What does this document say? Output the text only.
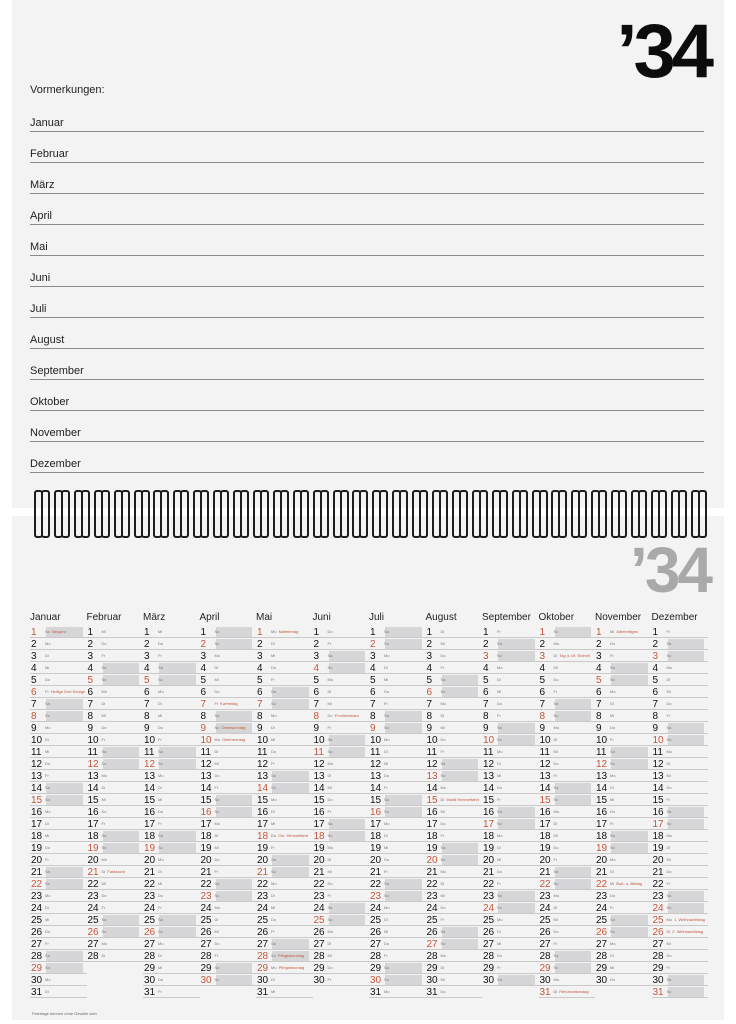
’34
Vormerkungen:
Januar
Februar
März
April
Mai
Juni
Juli
August
September
Oktober
November
Dezember
’34
Januar
1 So Neujahr
2 Mo
3 Di
4 Mi
5 Do
6 Fr Heilige Drei Könige
7 Sa
8 So
9 Mo
10 Di
11 Mi
12 Do
13 Fr
14 Sa
15 So
16 Mo
17 Di
18 Mi
19 Do
20 Fr
21 Sa
22 So
23 Mo
24 Di
25 Mi
26 Do
27 Fr
28 Sa
29 So
30 Mo
31 Di
Februar
1 Mi
2 Do
3 Fr
4 Sa
5 So
6 Mo
7 Di
8 Mi
9 Do
10 Fr
11 Sa
12 So
13 Mo
14 Di
15 Mi
16 Do
17 Fr
18 Sa
19 So
20 Mo
21 Di Fastnacht
22 Mi
23 Do
24 Fr
25 Sa
26 So
27 Mo
28 Di
März
1 Mi
2 Do
3 Fr
4 Sa
5 So
6 Mo
7 Di
8 Mi
9 Do
10 Fr
11 Sa
12 So
13 Mo
14 Di
15 Mi
16 Do
17 Fr
18 Sa
19 So
20 Mo
21 Di
22 Mi
23 Do
24 Fr
25 Sa
26 So
27 Mo
28 Di
29 Mi
30 Do
31 Fr
April
1 Sa
2 So
3 Mo
4 Di
5 Mi
6 Do
7 Fr Karfreitag
8 Sa
9 So Ostersonntag
10 Mo Ostermontag
11 Di
12 Mi
13 Do
14 Fr
15 Sa
16 So
17 Mo
18 Di
19 Mi
20 Do
21 Fr
22 Sa
23 So
24 Mo
25 Di
26 Mi
27 Do
28 Fr
29 Sa
30 So
Mai
1 Mo Maifeiertag
2 Di
3 Mi
4 Do
5 Fr
6 Sa
7 So
8 Mo
9 Di
10 Mi
11 Do
12 Fr
13 Sa
14 So
15 Mo
16 Di
17 Mi
18 Do Chr. Himmelfahrt
19 Fr
20 Sa
21 So
22 Mo
23 Di
24 Mi
25 Do
26 Fr
27 Sa
28 So Pfingstsonntag
29 Mo Pfingstmontag
30 Di
31 Mi
Juni
1 Do
2 Fr
3 Sa
4 So
5 Mo
6 Di
7 Mi
8 Do Fronleichnam
9 Fr
10 Sa
11 So
12 Mo
13 Di
14 Mi
15 Do
16 Fr
17 Sa
18 So
19 Mo
20 Di
21 Mi
22 Do
23 Fr
24 Sa
25 So
26 Mo
27 Di
28 Mi
29 Do
30 Fr
Juli
1 Sa
2 So
3 Mo
4 Di
5 Mi
6 Do
7 Fr
8 Sa
9 So
10 Mo
11 Di
12 Mi
13 Do
14 Fr
15 Sa
16 So
17 Mo
18 Di
19 Mi
20 Do
21 Fr
22 Sa
23 So
24 Mo
25 Di
26 Mi
27 Do
28 Fr
29 Sa
30 So
31 Mo
August
1 Di
2 Mi
3 Do
4 Fr
5 Sa
6 So
7 Mo
8 Di
9 Mi
10 Do
11 Fr
12 Sa
13 So
14 Mo
15 Di Mariä Himmelfahrt
16 Mi
17 Do
18 Fr
19 Sa
20 So
21 Mo
22 Di
23 Mi
24 Do
25 Fr
26 Sa
27 So
28 Mo
29 Di
30 Mi
31 Do
September
1 Fr
2 Sa
3 So
4 Mo
5 Di
6 Mi
7 Do
8 Fr
9 Sa
10 So
11 Mo
12 Di
13 Mi
14 Do
15 Fr
16 Sa
17 So
18 Mo
19 Di
20 Mi
21 Do
22 Fr
23 Sa
24 So
25 Mo
26 Di
27 Mi
28 Do
29 Fr
30 Sa
Oktober
1 So
2 Mo
3 Di Tag d. Dt. Einheit
4 Mi
5 Do
6 Fr
7 Sa
8 So
9 Mo
10 Di
11 Mi
12 Do
13 Fr
14 Sa
15 So
16 Mo
17 Di
18 Mi
19 Do
20 Fr
21 Sa
22 So
23 Mo
24 Di
25 Mi
26 Do
27 Fr
28 Sa
29 So
30 Mo
31 Di Reformationstag
November
1 Mi Allerheiligen
2 Do
3 Fr
4 Sa
5 So
6 Mo
7 Di
8 Mi
9 Do
10 Fr
11 Sa
12 So
13 Mo
14 Di
15 Mi
16 Do
17 Fr
18 Sa
19 So
20 Mo
21 Di
22 Mi Buß- u. Bettag
23 Do
24 Fr
25 Sa
26 So
27 Mo
28 Di
29 Mi
30 Do
Dezember
1 Fr
2 Sa
3 So
4 Mo
5 Di
6 Mi
7 Do
8 Fr
9 Sa
10 So
11 Mo
12 Di
13 Mi
14 Do
15 Fr
16 Sa
17 So
18 Mo
19 Di
20 Mi
21 Do
22 Fr
23 Sa
24 So
25 Mo 1. Weihnachtstag
26 Di 2. Weihnachtstag
27 Mi
28 Do
29 Fr
30 Sa
31 So
Feiertage können ohne Gewähr sein
